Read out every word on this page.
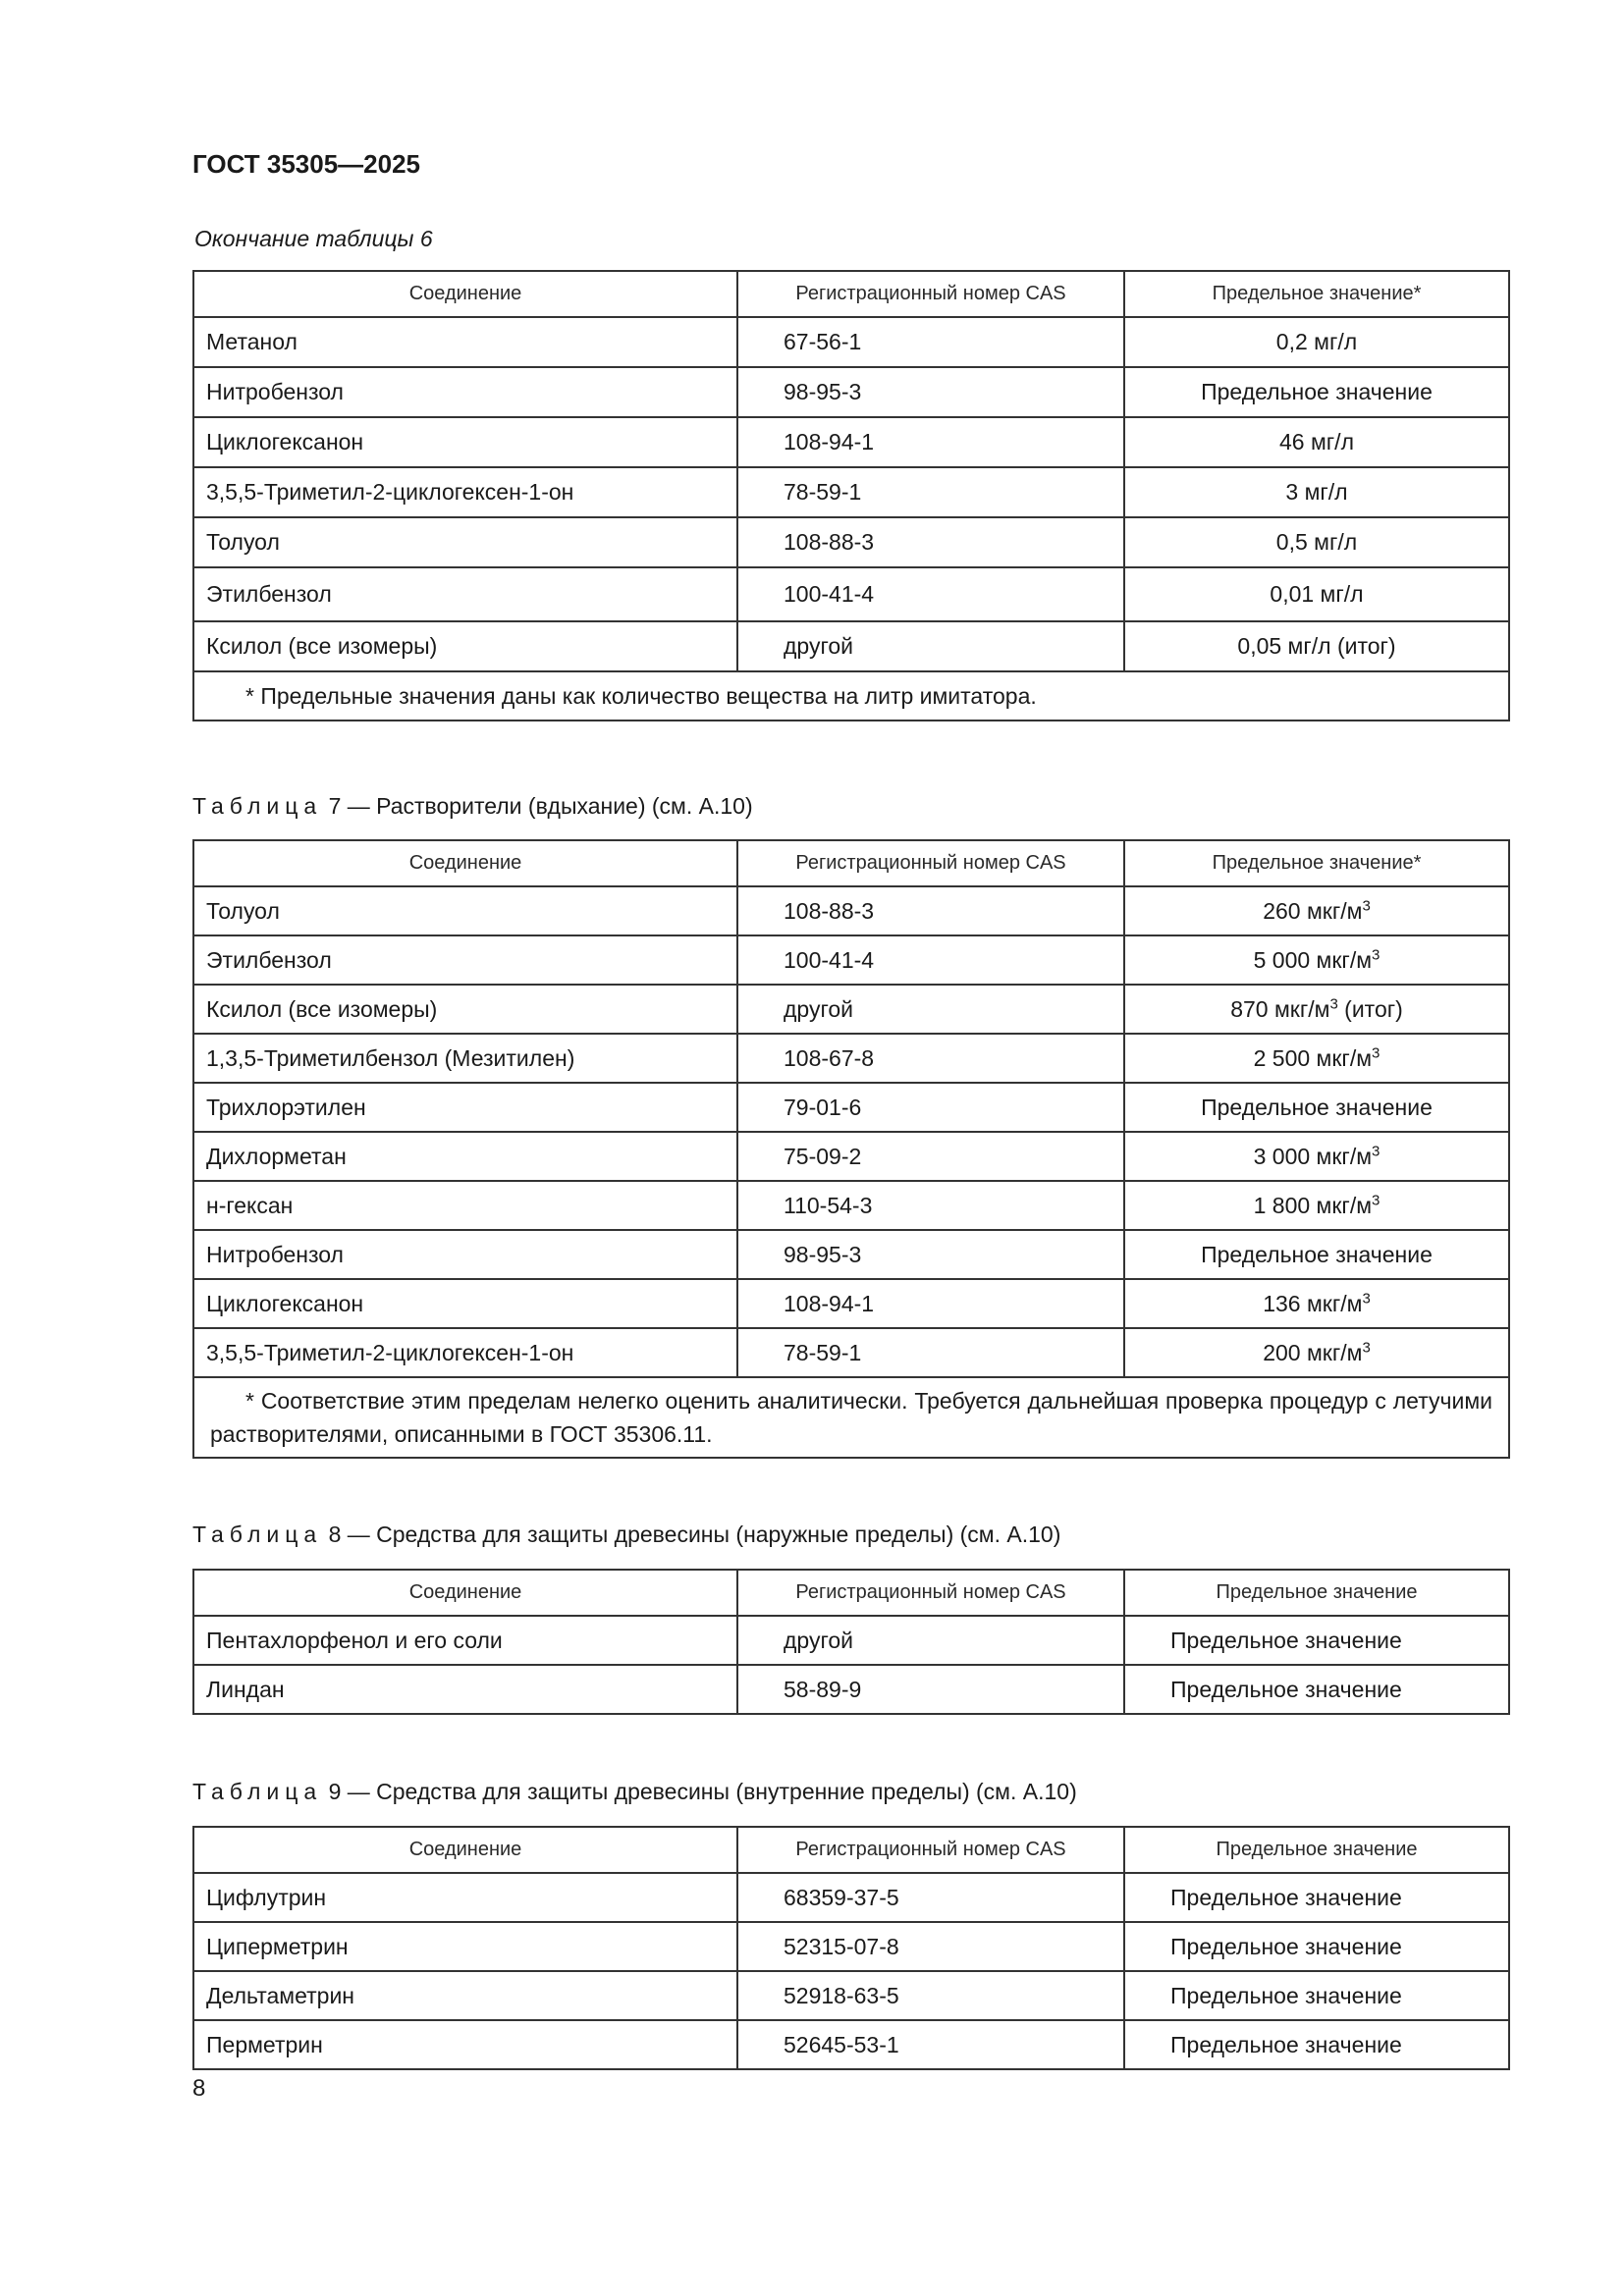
ГОСТ 35305—2025
Окончание таблицы 6
Соединение	Регистрационный номер CAS	Предельное значение*
Метанол	67-56-1	0,2 мг/л
Нитробензол	98-95-3	Предельное значение
Циклогексанон	108-94-1	46 мг/л
3,5,5-Триметил-2-циклогексен-1-он	78-59-1	3 мг/л
Толуол	108-88-3	0,5 мг/л
Этилбензол	100-41-4	0,01 мг/л
Ксилол (все изомеры)	другой	0,05 мг/л (итог)
* Предельные значения даны как количество вещества на литр имитатора.		
Таблица 7 — Растворители (вдыхание) (см. А.10)
Соединение	Регистрационный номер CAS	Предельное значение*
Толуол	108-88-3	260 мкг/$м^3$
Этилбензол	100-41-4	5 000 мкг/$м^3$
Ксилол (все изомеры)	другой	870 мкг/$м^3$ (итог)
1,3,5-Триметилбензол (Мезитилен)	108-67-8	2 500 мкг/$м^3$
Трихлорэтилен	79-01-6	Предельное значение
Дихлорметан	75-09-2	3 000 мкг/$м^3$
н-гексан	110-54-3	1 800 мкг/$м^3$
Нитробензол	98-95-3	Предельное значение
Циклогексанон	108-94-1	136 мкг/$м^3$
3,5,5-Триметил-2-циклогексен-1-он	78-59-1	200 мкг/$м^3$
* Соответствие этим пределам нелегко оценить аналитически. Требуется дальнейшая проверка процедур с летучими растворителями, описанными в ГОСТ 35306.11.		
Таблица 8 — Средства для защиты древесины (наружные пределы) (см. А.10)
Соединение	Регистрационный номер CAS	Предельное значение
Пентахлорфенол и его соли	другой	Предельное значение
Линдан	58-89-9	Предельное значение
Таблица 9 — Средства для защиты древесины (внутренние пределы) (см. А.10)
Соединение	Регистрационный номер CAS	Предельное значение
Цифлутрин	68359-37-5	Предельное значение
Циперметрин	52315-07-8	Предельное значение
Дельтаметрин	52918-63-5	Предельное значение
Перметрин	52645-53-1	Предельное значение
8
